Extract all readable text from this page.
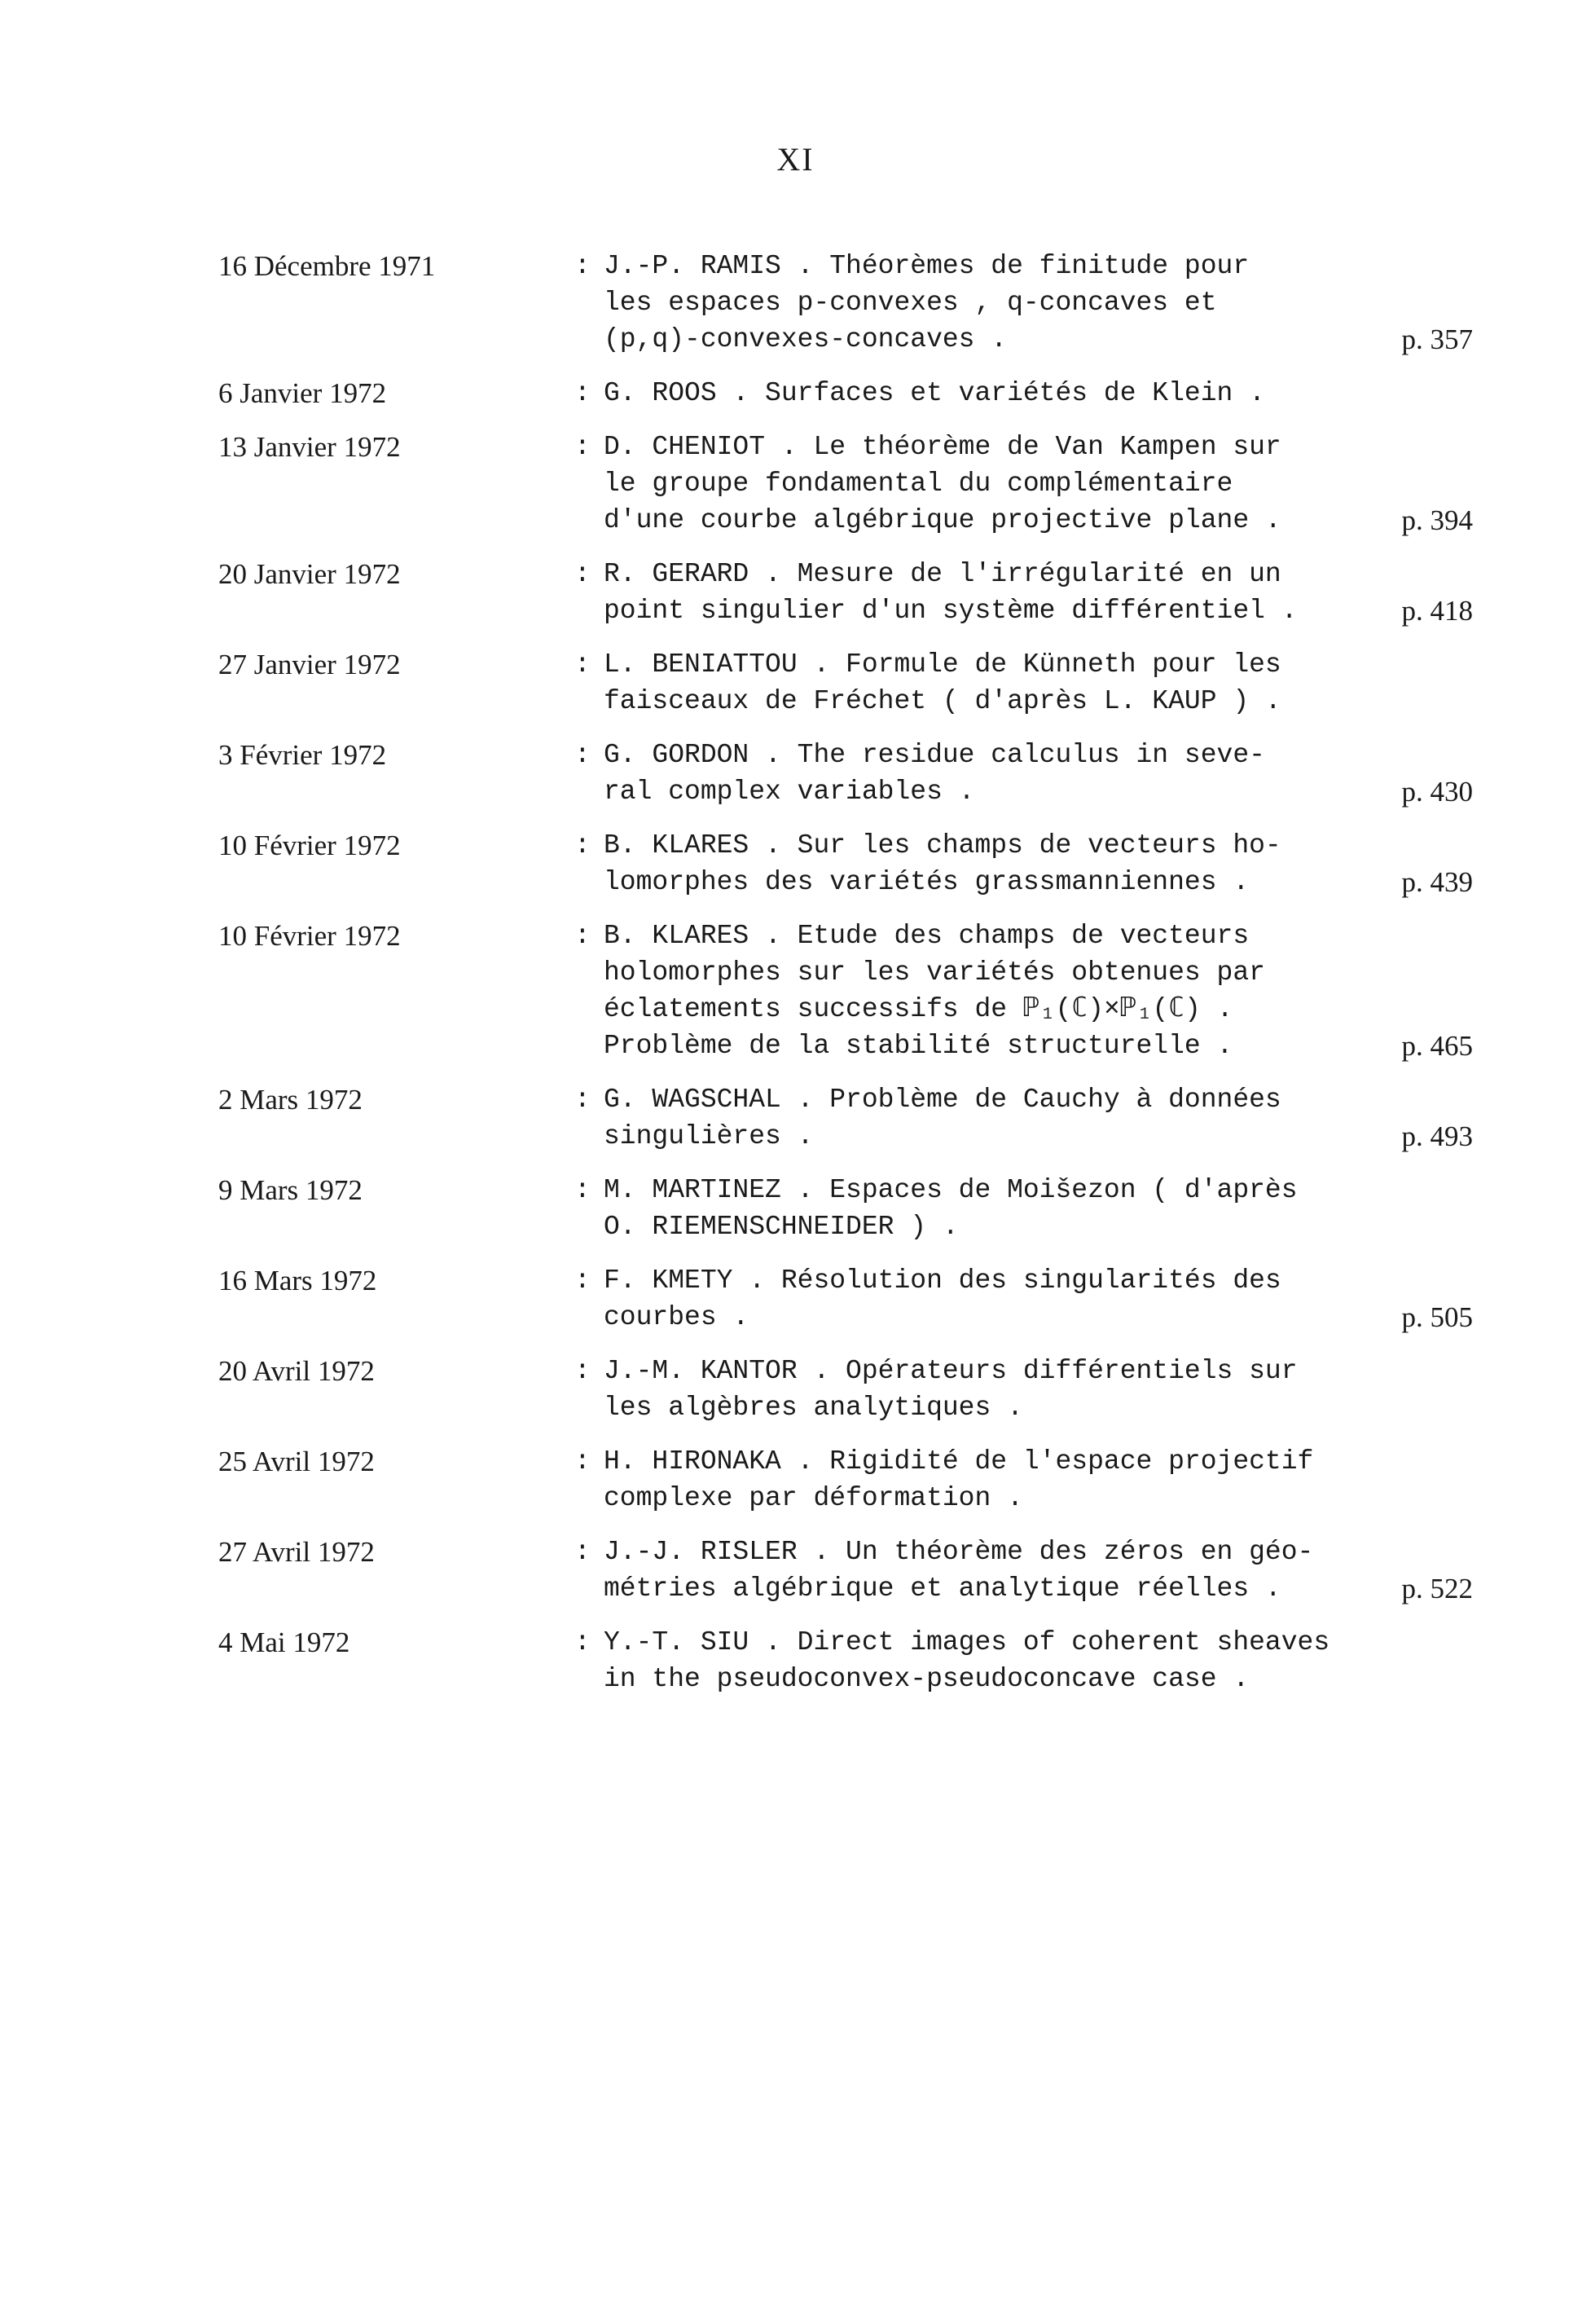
XI
16 Décembre 1971	: J.-P. RAMIS . Théorèmes de finitude pour
les espaces p-convexes , q-concaves et
(p,q)-convexes-concaves .	p. 357
6 Janvier 1972	: G. ROOS . Surfaces et variétés de Klein .
13 Janvier 1972	: D. CHENIOT . Le théorème de Van Kampen sur
le groupe fondamental du complémentaire
d'une courbe algébrique projective plane .	p. 394
20 Janvier 1972	: R. GERARD . Mesure de l'irrégularité en un
point singulier d'un système différentiel .	p. 418
27 Janvier 1972	: L. BENIATTOU . Formule de Künneth pour les
faisceaux de Fréchet ( d'après L. KAUP ) .
3 Février 1972	: G. GORDON . The residue calculus in seve-
ral complex variables .	p. 430
10 Février 1972	: B. KLARES . Sur les champs de vecteurs ho-
lomorphes des variétés grassmanniennes .	p. 439
10 Février 1972	: B. KLARES . Etude des champs de vecteurs
holomorphes sur les variétés obtenues par
éclatements successifs de ℙ₁(ℂ)×ℙ₁(ℂ) .
Problème de la stabilité structurelle .	p. 465
2 Mars 1972	: G. WAGSCHAL . Problème de Cauchy à données
singulières .	p. 493
9 Mars 1972	: M. MARTINEZ . Espaces de Moišezon ( d'après
O. RIEMENSCHNEIDER ) .
16 Mars 1972	: F. KMETY . Résolution des singularités des
courbes .	p. 505
20 Avril 1972	: J.-M. KANTOR . Opérateurs différentiels sur
les algèbres analytiques .
25 Avril 1972	: H. HIRONAKA . Rigidité de l'espace projectif
complexe par déformation .
27 Avril 1972	: J.-J. RISLER . Un théorème des zéros en géo-
métries algébrique et analytique réelles .	p. 522
4 Mai 1972	: Y.-T. SIU . Direct images of coherent sheaves
in the pseudoconvex-pseudoconcave case .
